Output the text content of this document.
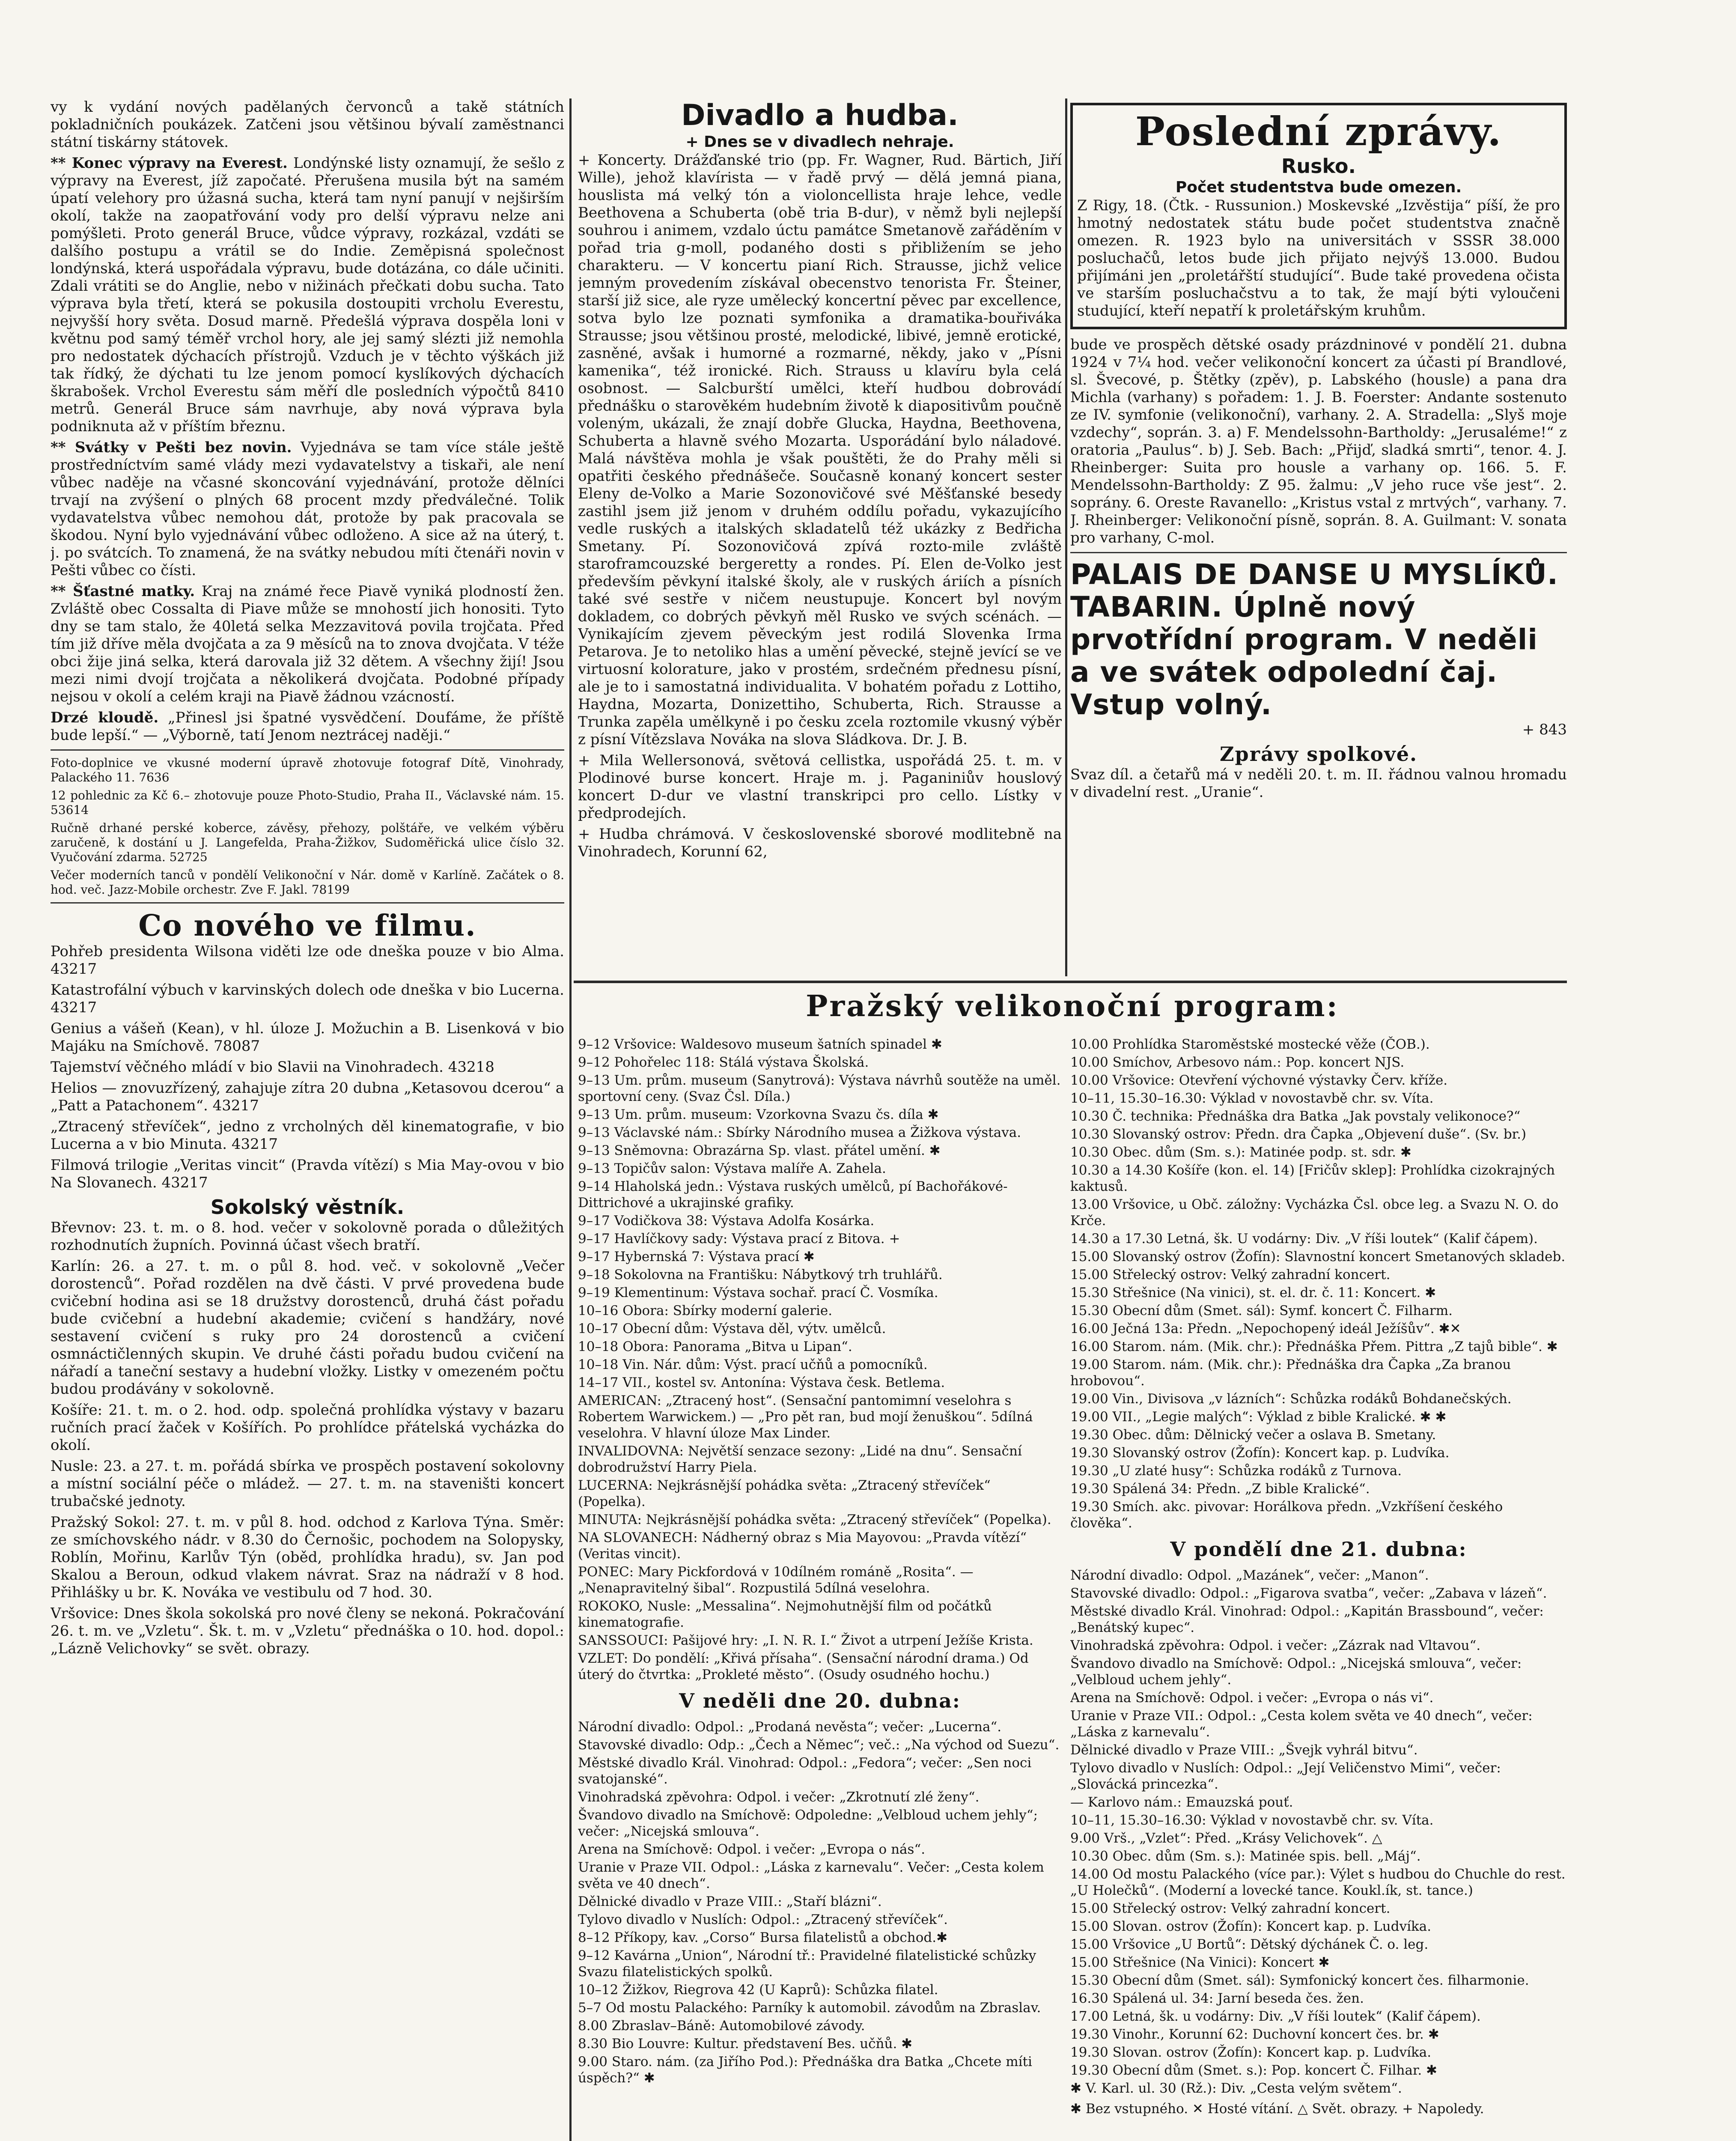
vy k vydání nových padělaných červonců a takě státních pokladničních poukázek. Zatčeni jsou většinou bývalí zaměstnanci státní tiskárny státovek.

** Konec výpravy na Everest. Londýnské listy oznamují, že sešlo z výpravy na Everest, jíž započaté. Přerušena musila být na samém úpatí velehory pro úžasná sucha, která tam nyní panují v nejširším okolí, takže na zaopatřování vody pro delší výpravu nelze ani pomýšleti. Proto generál Bruce, vůdce výpravy, rozkázal, vzdáti se dalšího postupu a vrátil se do Indie. Zeměpisná společnost londýnská, která uspořádala výpravu, bude dotázána, co dále učiniti. Zdali vrátiti se do Anglie, nebo v nižinách přečkati dobu sucha. Tato výprava byla třetí, která se pokusila dostoupiti vrcholu Everestu, nejvyšší hory světa. Dosud marně. Předešlá výprava dospěla loni v květnu pod samý téměř vrchol hory, ale jej samý slézti již nemohla pro nedostatek dýchacích přístrojů. Vzduch je v těchto výškách již tak řídký, že dýchati tu lze jenom pomocí kyslíkových dýchacích škrabošek. Vrchol Everestu sám měří dle posledních výpočtů 8410 metrů. Generál Bruce sám navrhuje, aby nová výprava byla podniknuta až v příštím březnu.

** Svátky v Pešti bez novin. Vyjednáva se tam více stále ještě prostředníctvím samé vlády mezi vydavatelstvy a tiskaři, ale není vůbec naděje na včasné skoncování vyjednávání, protože dělníci trvají na zvýšení o plných 68 procent mzdy předválečné. Tolik vydavatelstva vůbec nemohou dát, protože by pak pracovala se škodou. Nyní bylo vyjednávání vůbec odloženo. A sice až na úterý, t. j. po svátcích. To znamená, že na svátky nebudou míti čtenáři novin v Pešti vůbec co čísti.

** Šťastné matky. Kraj na známé řece Piavě vyniká plodností žen. Zvláště obec Cossalta di Piave může se mnohostí jich honositi. Tyto dny se tam stalo, že 40letá selka Mezzavitová povila trojčata. Před tím již dříve měla dvojčata a za 9 měsíců na to znova dvojčata. V téže obci žije jiná selka, která darovala již 32 dětem. A všechny žijí! Jsou mezi nimi dvojí trojčata a několikerá dvojčata. Podobné případy nejsou v okolí a celém kraji na Piavě žádnou vzácností.

Drzé kloudě. „Přinesl jsi špatné vysvědčení. Doufáme, že příště bude lepší.“ — „Výborně, tatí Jenom neztrácej naději.“

Foto-doplnice ve vkusné moderní úpravě zhotovuje fotograf Dítě, Vinohrady, Palackého 11. 7636

12 pohlednic za Kč 6.– zhotovuje pouze Photo-Studio, Praha II., Václavské nám. 15. 53614

Ručně drhané perské koberce, závěsy, přehozy, polštáře, ve velkém výběru zaručeně, k dostání u J. Langefelda, Praha-Žižkov, Sudoměřická ulice číslo 32. Vyučování zdarma. 52725

Večer moderních tanců v pondělí Velikonoční v Nár. domě v Karlíně. Začátek o 8. hod. več. Jazz-Mobile orchestr. Zve F. Jakl. 78199

Co nového ve filmu.

Pohřeb presidenta Wilsona viděti lze ode dneška pouze v bio Alma. 43217

Katastrofální výbuch v karvinských dolech ode dneška v bio Lucerna. 43217

Genius a vášeň (Kean), v hl. úloze J. Možuchin a B. Lisenková v bio Majáku na Smíchově. 78087

Tajemství věčného mládí v bio Slavii na Vinohradech. 43218

Helios — znovuzřízený, zahajuje zítra 20 dubna „Ketasovou dcerou“ a „Patt a Patachonem“. 43217

„Ztracený střevíček“, jedno z vrcholných děl kinematografie, v bio Lucerna a v bio Minuta. 43217

Filmová trilogie „Veritas vincit“ (Pravda vítězí) s Mia May-ovou v bio Na Slovanech. 43217

Sokolský věstník.

Břevnov: 23. t. m. o 8. hod. večer v sokolovně porada o důležitých rozhodnutích župních. Povinná účast všech bratří.

Karlín: 26. a 27. t. m. o půl 8. hod. več. v sokolovně „Večer dorostenců“. Pořad rozdělen na dvě části. V prvé provedena bude cvičební hodina asi se 18 družstvy dorostenců, druhá část pořadu bude cvičební a hudební akademie; cvičení s handžáry, nové sestavení cvičení s ruky pro 24 dorostenců a cvičení osmnáctičlenných skupin. Ve druhé části pořadu budou cvičení na nářadí a taneční sestavy a hudební vložky. Listky v omezeném počtu budou prodávány v sokolovně.

Košíře: 21. t. m. o 2. hod. odp. společná prohlídka výstavy v bazaru ručních prací žaček v Košířích. Po prohlídce přátelská vycházka do okolí.

Nusle: 23. a 27. t. m. pořádá sbírka ve prospěch postavení sokolovny a místní sociální péče o mládež. — 27. t. m. na staveništi koncert trubačské jednoty.

Pražský Sokol: 27. t. m. v půl 8. hod. odchod z Karlova Týna. Směr: ze smíchovského nádr. v 8.30 do Černošic, pochodem na Solopysky, Roblín, Mořinu, Karlův Týn (oběd, prohlídka hradu), sv. Jan pod Skalou a Beroun, odkud vlakem návrat. Sraz na nádraží v 8 hod. Přihlášky u br. K. Nováka ve vestibulu od 7 hod. 30.

Vršovice: Dnes škola sokolská pro nové členy se nekoná. Pokračování 26. t. m. ve „Vzletu“. Šk. t. m. v „Vzletu“ přednáška o 10. hod. dopol.: „Lázně Velichovky“ se svět. obrazy.

Divadlo a hudba.
+ Dnes se v divadlech nehraje.

+ Koncerty. Drážďanské trio (pp. Fr. Wagner, Rud. Bärtich, Jiří Wille), jehož klavírista — v řadě prvý — dělá jemná piana, houslista má velký tón a violoncellista hraje lehce, vedle Beethovena a Schuberta (obě tria B-dur), v němž byli nejlepší souhrou i animem, vzdalo úctu památce Smetanově zařáděním v pořad tria g-moll, podaného dosti s přibližením se jeho charakteru. — V koncertu pianí Rich. Strausse, jichž velice jemným provedením získával obecenstvo tenorista Fr. Šteiner, starší již sice, ale ryze umělecký koncertní pěvec par excellence, sotva bylo lze poznati symfonika a dramatika-bouřiváka Strausse; jsou většinou prosté, melodické, libivé, jemně erotické, zasněné, avšak i humorné a rozmarné, někdy, jako v „Písni kamenika“, též ironické. Rich. Strauss u klavíru byla celá osobnost. — Salcburští umělci, kteří hudbou dobrovádí přednášku o starověkém hudebním životě k diapositivům poučně voleným, ukázali, že znají dobře Glucka, Haydna, Beethovena, Schuberta a hlavně svého Mozarta. Usporádání bylo náladové. Malá návštěva mohla je však pouštěti, že do Prahy měli si opatřiti českého přednášeče. Současně konaný koncert sester Eleny de-Volko a Marie Sozonovičové své Měšťanské besedy zastihl jsem již jenom v druhém oddílu pořadu, vykazujícího vedle ruských a italských skladatelů též ukázky z Bedřicha Smetany. Pí. Sozonovičová zpívá rozto-mile zvláště staroframcouzské bergeretty a rondes. Pí. Elen de-Volko jest především pěvkyní italské školy, ale v ruských áriích a písních také své sestře v ničem neustupuje. Koncert byl novým dokladem, co dobrých pěvkyň měl Rusko ve svých scénách. — Vynikajícím zjevem pěveckým jest rodilá Slovenka Irma Petarova. Je to netoliko hlas a umění pěvecké, stejně jevící se ve virtuosní kolorature, jako v prostém, srdečném přednesu písní, ale je to i samostatná individualita. V bohatém pořadu z Lottiho, Haydna, Mozarta, Donizettiho, Schuberta, Rich. Strausse a Trunka zapěla umělkyně i po česku zcela roztomile vkusný výběr z písní Vítězslava Nováka na slova Sládkova. Dr. J. B.

+ Mila Wellersonová, světová cellistka, uspořádá 25. t. m. v Plodinové burse koncert. Hraje m. j. Paganiniův houslový koncert D-dur ve vlastní transkripci pro cello. Lístky v předprodejích.

+ Hudba chrámová. V československé sborové modlitebně na Vinohradech, Korunní 62,

Poslední zprávy.
Rusko.
Počet studentstva bude omezen.

Z Rigy, 18. (Čtk. - Russunion.) Moskevské „Izvěstija“ píší, že pro hmotný nedostatek státu bude počet studentstva značně omezen. R. 1923 bylo na universitách v SSSR 38.000 posluchačů, letos bude jich přijato nejvýš 13.000. Budou přijímáni jen „proletářští studující“. Bude také provedena očista ve starším posluchačstvu a to tak, že mají býti vyloučeni studující, kteří nepatří k proletářským kruhům.

bude ve prospěch dětské osady prázdninové v pondělí 21. dubna 1924 v 7¼ hod. večer velikonoční koncert za účasti pí Brandlové, sl. Švecové, p. Štětky (zpěv), p. Labského (housle) a pana dra Michla (varhany) s pořadem: 1. J. B. Foerster: Andante sostenuto ze IV. symfonie (velikonoční), varhany. 2. A. Stradella: „Slyš moje vzdechy“, soprán. 3. a) F. Mendelssohn-Bartholdy: „Jerusaléme!“ z oratoria „Paulus“. b) J. Seb. Bach: „Přijď, sladká smrti“, tenor. 4. J. Rheinberger: Suita pro housle a varhany op. 166. 5. F. Mendelssohn-Bartholdy: Z 95. žalmu: „V jeho ruce vše jest“. 2. soprány. 6. Oreste Ravanello: „Kristus vstal z mrtvých“, varhany. 7. J. Rheinberger: Velikonoční písně, soprán. 8. A. Guilmant: V. sonata pro varhany, C-mol.

PALAIS DE DANSE U MYSLÍKŮ. TABARIN. Úplně nový prvotřídní program. V neděli a ve svátek odpolední čaj. Vstup volný.

+ 843

Zprávy spolkové.

Svaz díl. a četařů má v neděli 20. t. m. II. řádnou valnou hromadu v divadelní rest. „Uranie“.

Pražský velikonoční program:

9–12 Vršovice: Waldesovo museum šatních spinadel ✱

9–12 Pohořelec 118: Stálá výstava Školská.

9–13 Um. prům. museum (Sanytrová): Výstava návrhů soutěže na uměl. sportovní ceny. (Svaz Čsl. Díla.)

9–13 Um. prům. museum: Vzorkovna Svazu čs. díla ✱

9–13 Václavské nám.: Sbírky Národního musea a Žižkova výstava.

9–13 Sněmovna: Obrazárna Sp. vlast. přátel umění. ✱

9–13 Topičův salon: Výstava malíře A. Zahela.

9–14 Hlaholská jedn.: Výstava ruských umělců, pí Bachořákové-Dittrichové a ukrajinské grafiky.

9–17 Vodičkova 38: Výstava Adolfa Kosárka.

9–17 Havlíčkovy sady: Výstava prací z Bitova. +

9–17 Hybernská 7: Výstava prací ✱

9–18 Sokolovna na Františku: Nábytkový trh truhlářů.

9–19 Klementinum: Výstava sochař. prací Č. Vosmíka.

10–16 Obora: Sbírky moderní galerie.

10–17 Obecní dům: Výstava děl, výtv. umělců.

10–18 Obora: Panorama „Bitva u Lipan“.

10–18 Vin. Nár. dům: Výst. prací učňů a pomocníků.

14–17 VII., kostel sv. Antonína: Výstava česk. Betlema.

AMERICAN: „Ztracený host“. (Sensační pantomimní veselohra s Robertem Warwickem.) — „Pro pět ran, bud mojí ženuškou“. 5dílná veselohra. V hlavní úloze Max Linder.

INVALIDOVNA: Největší senzace sezony: „Lidé na dnu“. Sensační dobrodružství Harry Piela.

LUCERNA: Nejkrásnější pohádka světa: „Ztracený střevíček“ (Popelka).

MINUTA: Nejkrásnější pohádka světa: „Ztracený střevíček“ (Popelka).

NA SLOVANECH: Nádherný obraz s Mia Mayovou: „Pravda vítězí“ (Veritas vincit).

PONEC: Mary Pickfordová v 10dílném románě „Rosita“. — „Nenapravitelný šibal“. Rozpustilá 5dílná veselohra.

ROKOKO, Nusle: „Messalina“. Nejmohutnější film od počátků kinematografie.

SANSSOUCI: Pašijové hry: „I. N. R. I.“ Život a utrpení Ježíše Krista.

VZLET: Do pondělí: „Křivá přísaha“. (Sensační národní drama.) Od úterý do čtvrtka: „Prokleté město“. (Osudy osudného hochu.)

V neděli dne 20. dubna:

Národní divadlo: Odpol.: „Prodaná nevěsta“; večer: „Lucerna“.

Stavovské divadlo: Odp.: „Čech a Němec“; več.: „Na východ od Suezu“.

Městské divadlo Král. Vinohrad: Odpol.: „Fedora“; večer: „Sen noci svatojanské“.

Vinohradská zpěvohra: Odpol. i večer: „Zkrotnutí zlé ženy“.

Švandovo divadlo na Smíchově: Odpoledne: „Velbloud uchem jehly“; večer: „Nicejská smlouva“.

Arena na Smíchově: Odpol. i večer: „Evropa o nás“.

Uranie v Praze VII. Odpol.: „Láska z karnevalu“. Večer: „Cesta kolem světa ve 40 dnech“.

Dělnické divadlo v Praze VIII.: „Staří blázni“.

Tylovo divadlo v Nuslích: Odpol.: „Ztracený střevíček“.

8–12 Příkopy, kav. „Corso“ Bursa filatelistů a obchod.✱

9–12 Kavárna „Union“, Národní tř.: Pravidelné filatelistické schůzky Svazu filatelistických spolků.

10–12 Žižkov, Riegrova 42 (U Kaprů): Schůzka filatel.

5–7 Od mostu Palackého: Parníky k automobil. závodům na Zbraslav.

8.00 Zbraslav–Báně: Automobilové závody.

8.30 Bio Louvre: Kultur. představení Bes. učňů. ✱

9.00 Staro. nám. (za Jiřího Pod.): Přednáška dra Batka „Chcete míti úspěch?“ ✱

10.00 Prohlídka Staroměstské mostecké věže (ČOB.).

10.00 Smíchov, Arbesovo nám.: Pop. koncert NJS.

10.00 Vršovice: Otevření výchovné výstavky Červ. kříže.

10–11, 15.30–16.30: Výklad v novostavbě chr. sv. Víta.

10.30 Č. technika: Přednáška dra Batka „Jak povstaly velikonoce?“

10.30 Slovanský ostrov: Předn. dra Čapka „Objevení duše“. (Sv. br.)

10.30 Obec. dům (Sm. s.): Matinée podp. st. sdr. ✱

10.30 a 14.30 Košíře (kon. el. 14) [Fričův sklep]: Prohlídka cizokrajných kaktusů.

13.00 Vršovice, u Obč. záložny: Vycházka Čsl. obce leg. a Svazu N. O. do Krče.

14.30 a 17.30 Letná, šk. U vodárny: Div. „V říši loutek“ (Kalif čápem).

15.00 Slovanský ostrov (Žofín): Slavnostní koncert Smetanových skladeb.

15.00 Střelecký ostrov: Velký zahradní koncert.

15.30 Střešnice (Na vinici), st. el. dr. č. 11: Koncert. ✱

15.30 Obecní dům (Smet. sál): Symf. koncert Č. Filharm.

16.00 Ječná 13a: Předn. „Nepochopený ideál Ježíšův“. ✱✕

16.00 Starom. nám. (Mik. chr.): Přednáška Přem. Pittra „Z tajů bible“. ✱

19.00 Starom. nám. (Mik. chr.): Přednáška dra Čapka „Za branou hrobovou“.

19.00 Vin., Divisova „v lázních“: Schůzka rodáků Bohdanečských.

19.00 VII., „Legie malých“: Výklad z bible Kralické. ✱ ✱

19.30 Obec. dům: Dělnický večer a oslava B. Smetany.

19.30 Slovanský ostrov (Žofín): Koncert kap. p. Ludvíka.

19.30 „U zlaté husy“: Schůzka rodáků z Turnova.

19.30 Spálená 34: Předn. „Z bible Kralické“.

19.30 Smích. akc. pivovar: Horálkova předn. „Vzkříšení českého člověka“.

V pondělí dne 21. dubna:

Národní divadlo: Odpol. „Mazánek“, večer: „Manon“.

Stavovské divadlo: Odpol.: „Figarova svatba“, večer: „Zabava v lázeň“.

Městské divadlo Král. Vinohrad: Odpol.: „Kapitán Brassbound“, večer: „Benátský kupec“.

Vinohradská zpěvohra: Odpol. i večer: „Zázrak nad Vltavou“.

Švandovo divadlo na Smíchově: Odpol.: „Nicejská smlouva“, večer: „Velbloud uchem jehly“.

Arena na Smíchově: Odpol. i večer: „Evropa o nás vi“.

Uranie v Praze VII.: Odpol.: „Cesta kolem světa ve 40 dnech“, večer: „Láska z karnevalu“.

Dělnické divadlo v Praze VIII.: „Švejk vyhrál bitvu“.

Tylovo divadlo v Nuslích: Odpol.: „Její Veličenstvo Mimi“, večer: „Slovácká princezka“.

— Karlovo nám.: Emauzská pouť.

10–11, 15.30–16.30: Výklad v novostavbě chr. sv. Víta.

9.00 Vrš., „Vzlet“: Před. „Krásy Velichovek“. △

10.30 Obec. dům (Sm. s.): Matinée spis. bell. „Máj“.

14.00 Od mostu Palackého (více par.): Výlet s hudbou do Chuchle do rest. „U Holečků“. (Moderní a lovecké tance. Koukl.ík, st. tance.)

15.00 Střelecký ostrov: Velký zahradní koncert.

15.00 Slovan. ostrov (Žofín): Koncert kap. p. Ludvíka.

15.00 Vršovice „U Bortů“: Dětský dýchánek Č. o. leg.

15.00 Střešnice (Na Vinici): Koncert ✱

15.30 Obecní dům (Smet. sál): Symfonický koncert čes. filharmonie.

16.30 Spálená ul. 34: Jarní beseda čes. žen.

17.00 Letná, šk. u vodárny: Div. „V říši loutek“ (Kalif čápem).

19.30 Vinohr., Korunní 62: Duchovní koncert čes. br. ✱

19.30 Slovan. ostrov (Žofín): Koncert kap. p. Ludvíka.

19.30 Obecní dům (Smet. s.): Pop. koncert Č. Filhar. ✱

✱ V. Karl. ul. 30 (Rž.): Div. „Cesta velým světem“.

✱ Bez vstupného. ✕ Hosté vítání. △ Svět. obrazy. + Napoledy.
